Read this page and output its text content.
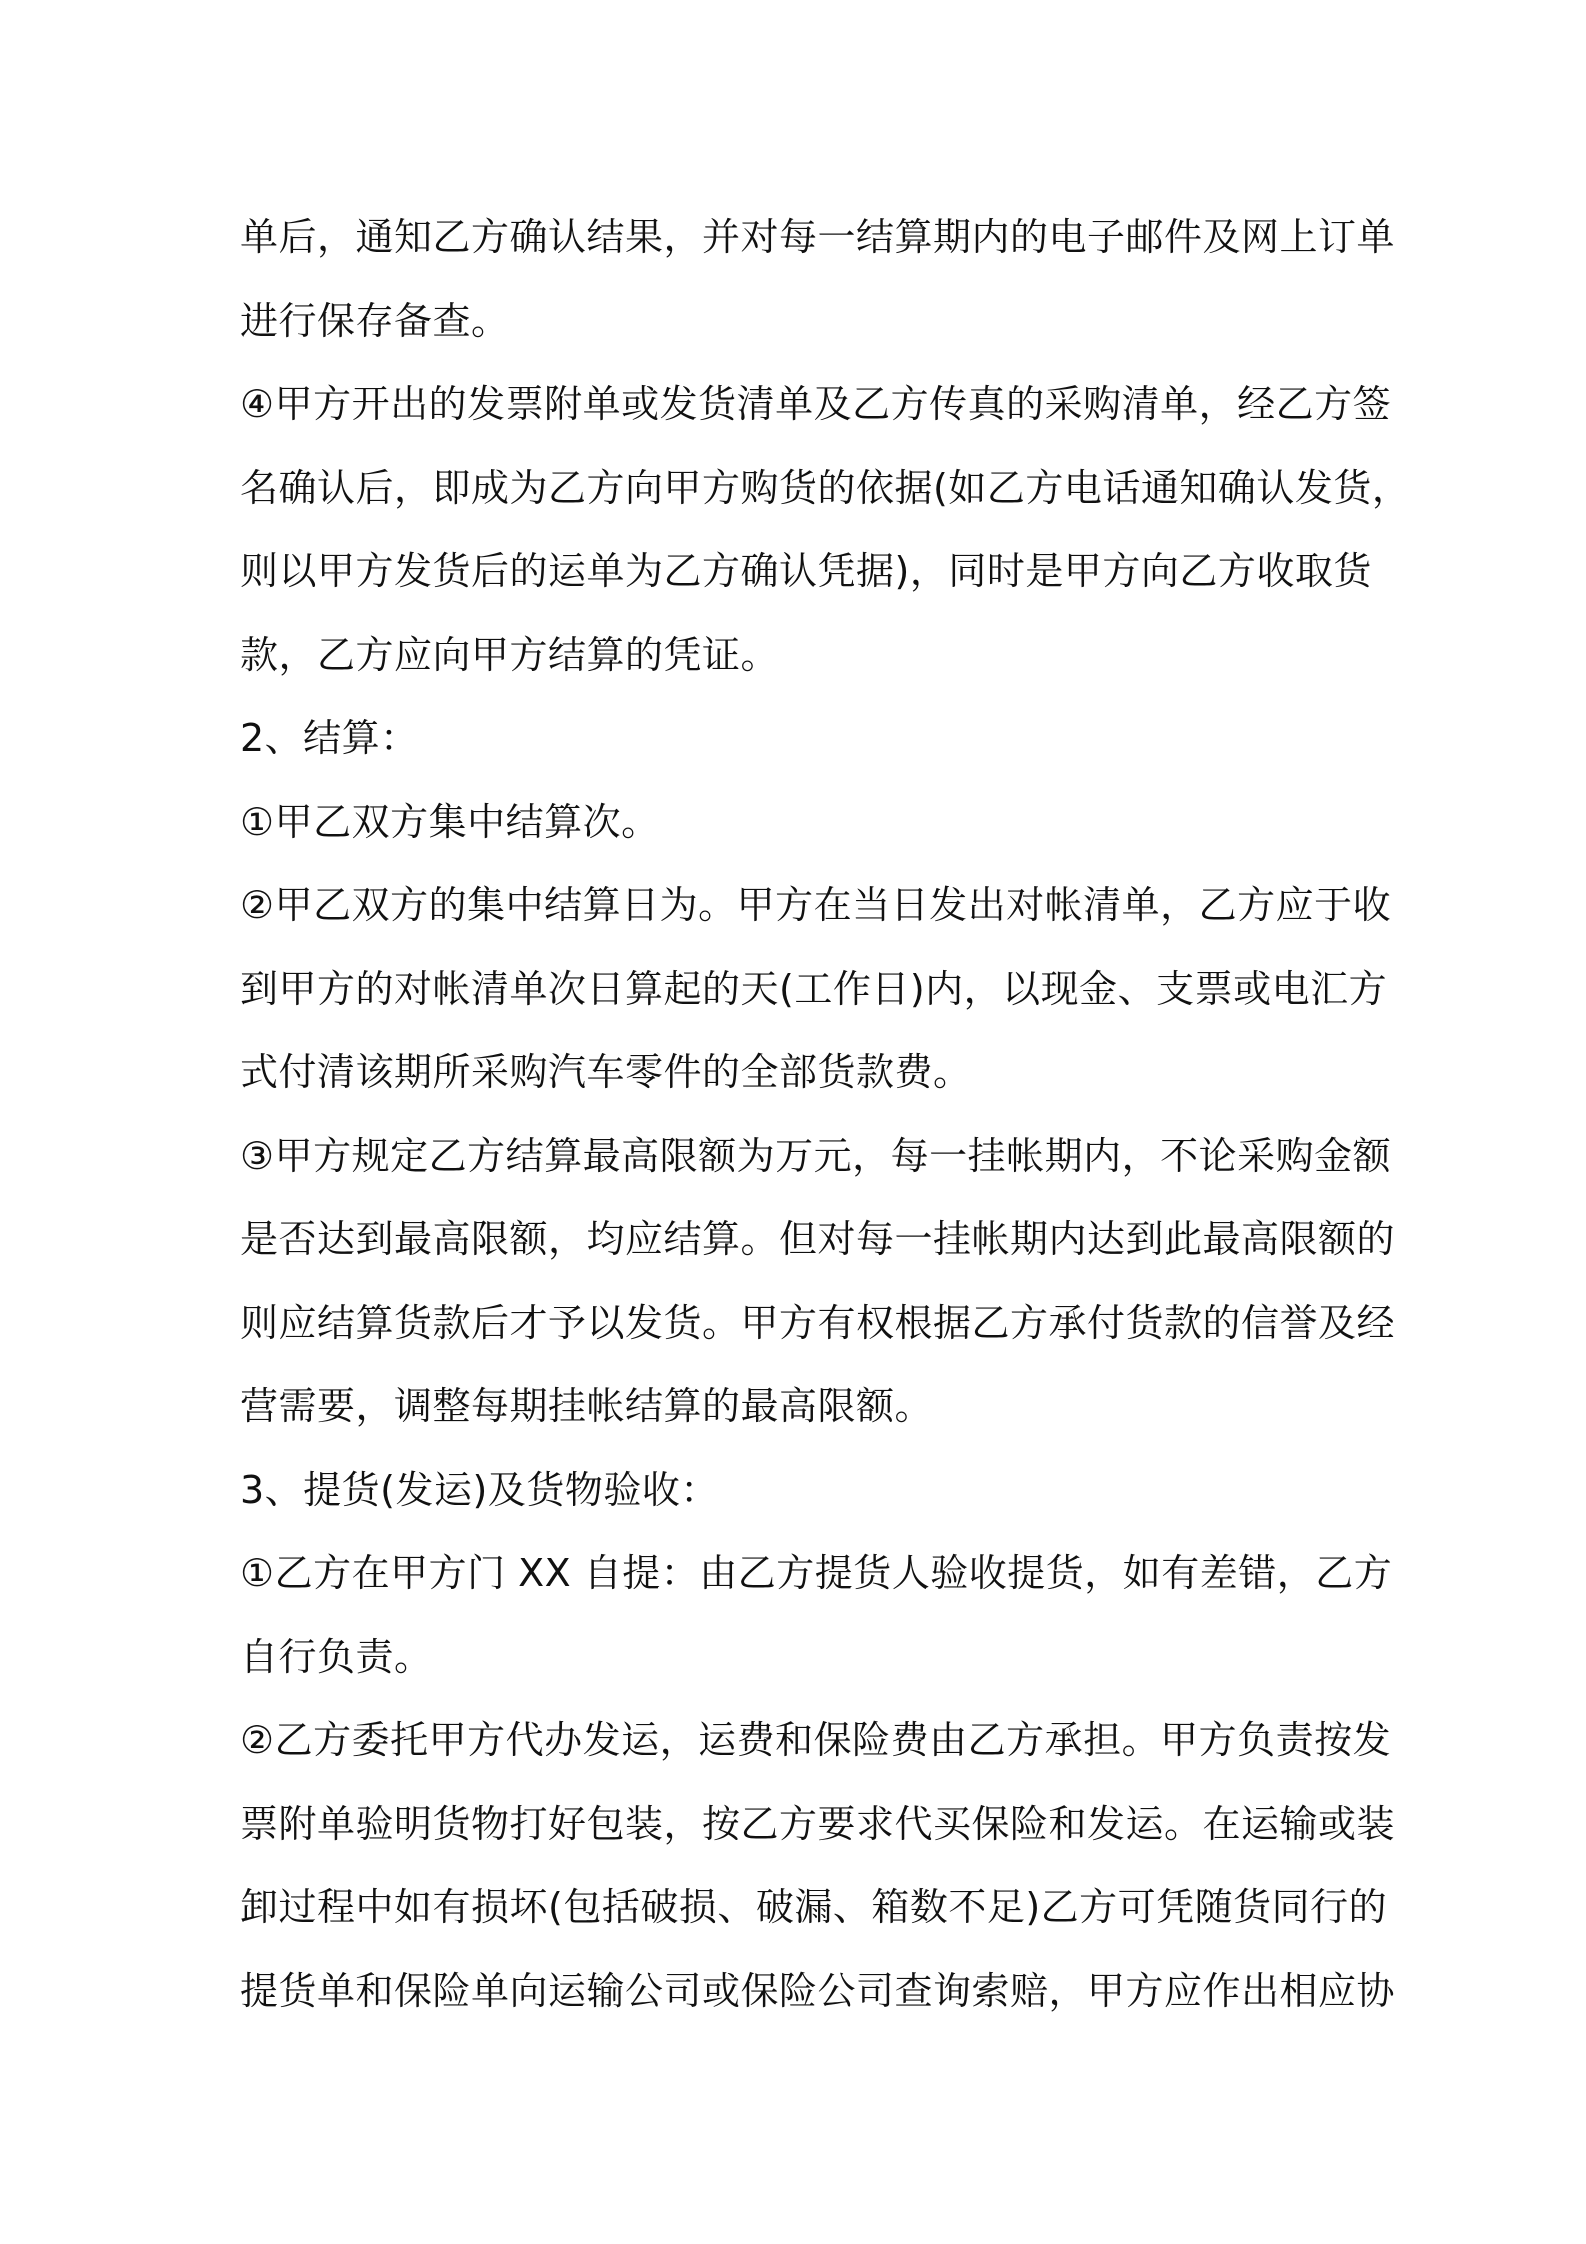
单后，通知乙方确认结果，并对每一结算期内的电子邮件及网上订单
进行保存备查。
④甲方开出的发票附单或发货清单及乙方传真的采购清单，经乙方签
名确认后，即成为乙方向甲方购货的依据(如乙方电话通知确认发货，
则以甲方发货后的运单为乙方确认凭据)，同时是甲方向乙方收取货
款，乙方应向甲方结算的凭证。
2、结算：
①甲乙双方集中结算次。
②甲乙双方的集中结算日为。甲方在当日发出对帐清单，乙方应于收
到甲方的对帐清单次日算起的天(工作日)内，以现金、支票或电汇方
式付清该期所采购汽车零件的全部货款费。
③甲方规定乙方结算最高限额为万元，每一挂帐期内，不论采购金额
是否达到最高限额，均应结算。但对每一挂帐期内达到此最高限额的
则应结算货款后才予以发货。甲方有权根据乙方承付货款的信誉及经
营需要，调整每期挂帐结算的最高限额。
3、提货(发运)及货物验收：
①乙方在甲方门 XX 自提：由乙方提货人验收提货，如有差错，乙方
自行负责。
②乙方委托甲方代办发运，运费和保险费由乙方承担。甲方负责按发
票附单验明货物打好包装，按乙方要求代买保险和发运。在运输或装
卸过程中如有损坏(包括破损、破漏、箱数不足)乙方可凭随货同行的
提货单和保险单向运输公司或保险公司查询索赔，甲方应作出相应协
